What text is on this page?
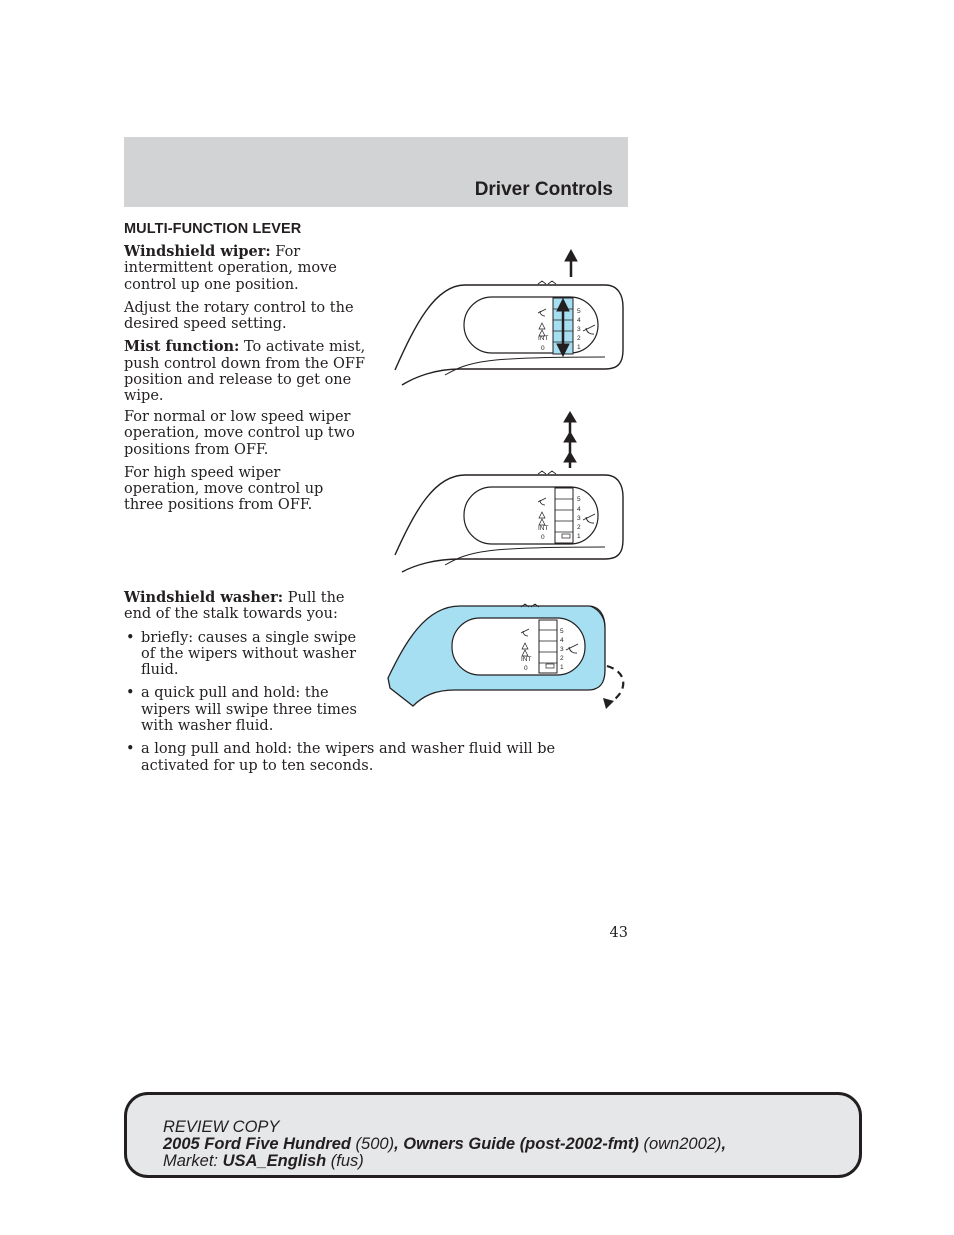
Driver Controls
MULTI-FUNCTION LEVER

Windshield wiper: For intermittent operation, move control up one position.

Adjust the rotary control to the desired speed setting.

Mist function: To activate mist, push control down from the OFF position and release to get one wipe.

For normal or low speed wiper operation, move control up two positions from OFF.

For high speed wiper operation, move control up three positions from OFF.

Windshield washer: Pull the end of the stalk towards you:

• briefly: causes a single swipe of the wipers without washer fluid.
• a quick pull and hold: the wipers will swipe three times with washer fluid.
• a long pull and hold: the wipers and washer fluid will be activated for up to ten seconds.
INT
0
5
4
3
2
1
INT
0
5
4
3
2
1
INT
0
5
4
3
2
1
43
REVIEW COPY
2005 Ford Five Hundred (500), Owners Guide (post-2002-fmt) (own2002),
Market: USA_English (fus)
